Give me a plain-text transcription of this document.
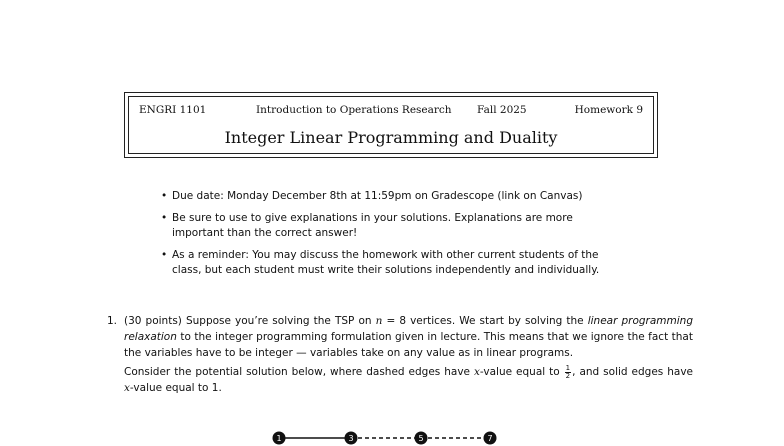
ENGRI 1101	Introduction to Operations Research Fall 2025	Homework 9
Integer Linear Programming and Duality
• Due date: Monday December 8th at 11:59pm on Gradescope (link on Canvas)
• Be sure to use to give explanations in your solutions. Explanations are more important than the correct answer!
• As a reminder: You may discuss the homework with other current students of the class, but each student must write their solutions independently and individually.
1. (30 points) Suppose you’re solving the TSP on n = 8 vertices. We start by solving the linear programming relaxation to the integer programming formulation given in lecture. This means that we ignore the fact that the variables have to be integer — variables take on any value as in linear programs.

Consider the potential solution below, where dashed edges have x-value equal to $\frac{1}{2}$ , and solid edges have x-value equal to 1.

1	3	5	7
